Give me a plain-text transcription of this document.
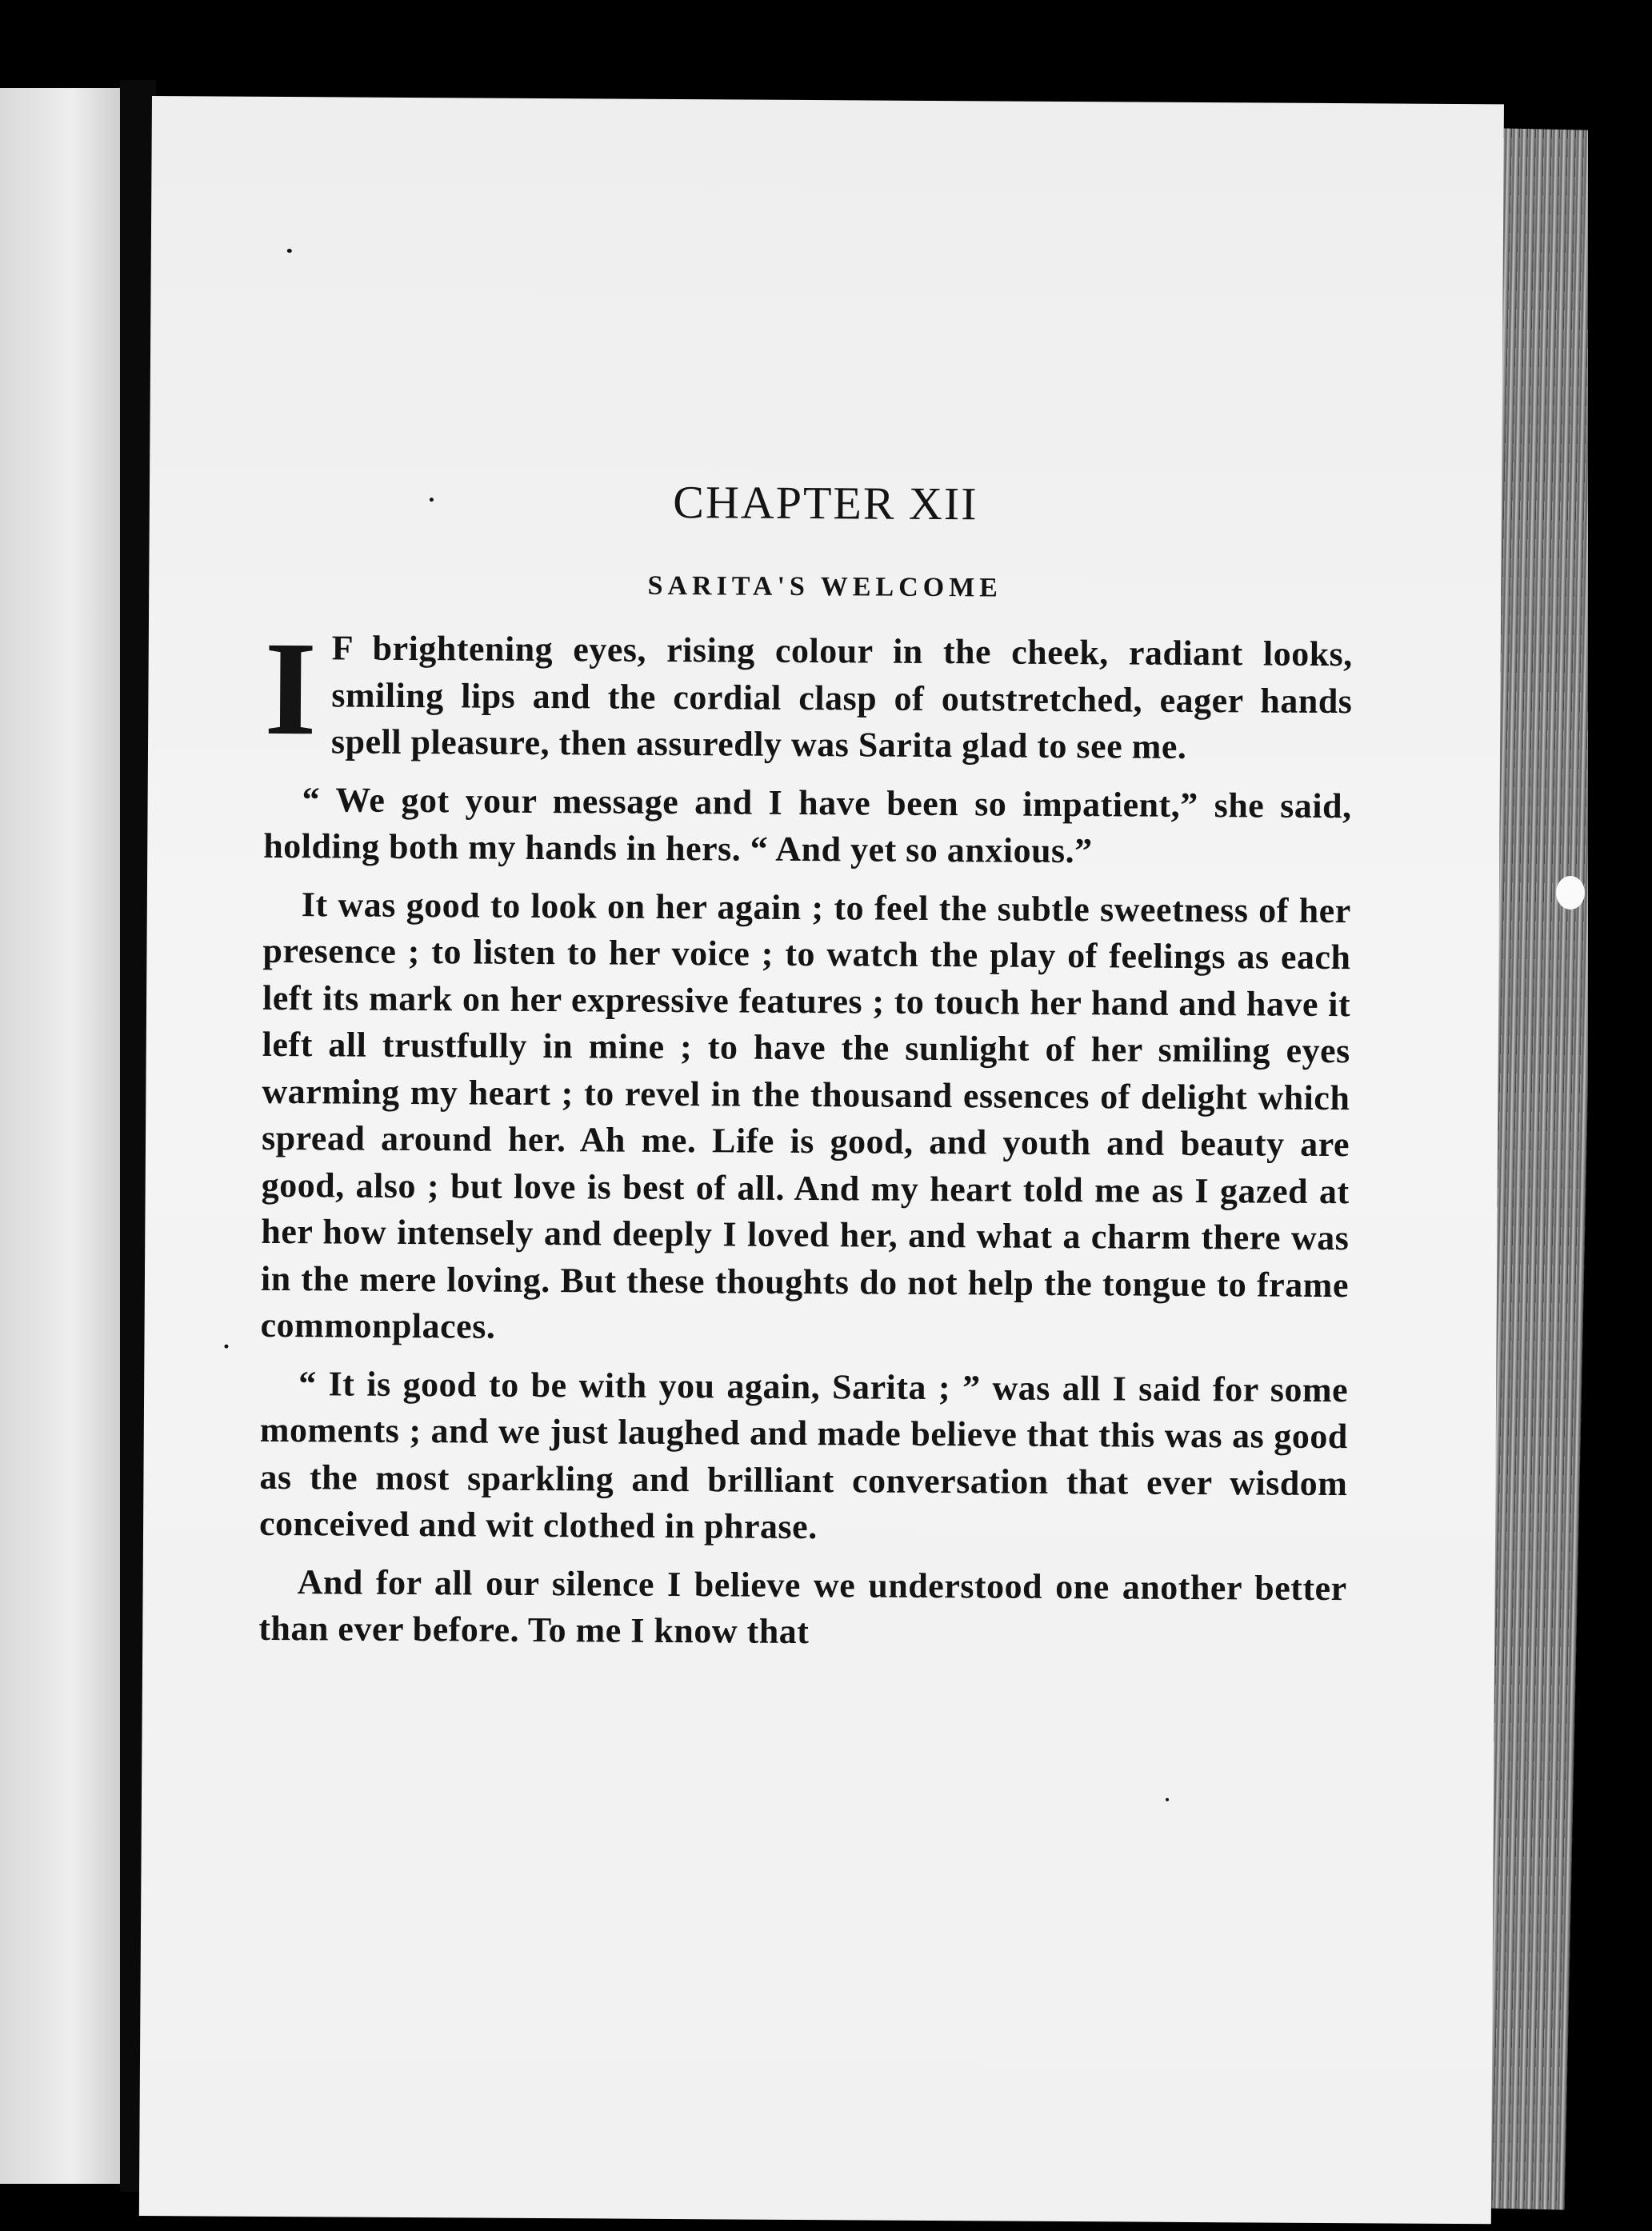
CHAPTER XII
SARITA'S WELCOME

I F brightening eyes, rising colour in the cheek, radiant looks, smiling lips and the cordial clasp of outstretched, eager hands spell pleasure, then assuredly was Sarita glad to see me.

“ We got your message and I have been so impatient,” she said, holding both my hands in hers. “ And yet so anxious.”

It was good to look on her again ; to feel the subtle sweetness of her presence ; to listen to her voice ; to watch the play of feelings as each left its mark on her expressive features ; to touch her hand and have it left all trustfully in mine ; to have the sunlight of her smiling eyes warming my heart ; to revel in the thousand essences of delight which spread around her. Ah me. Life is good, and youth and beauty are good, also ; but love is best of all. And my heart told me as I gazed at her how intensely and deeply I loved her, and what a charm there was in the mere loving. But these thoughts do not help the tongue to frame commonplaces.

“ It is good to be with you again, Sarita ; ” was all I said for some moments ; and we just laughed and made believe that this was as good as the most sparkling and brilliant conversation that ever wisdom conceived and wit clothed in phrase.

And for all our silence I believe we understood one another better than ever before. To me I know that
